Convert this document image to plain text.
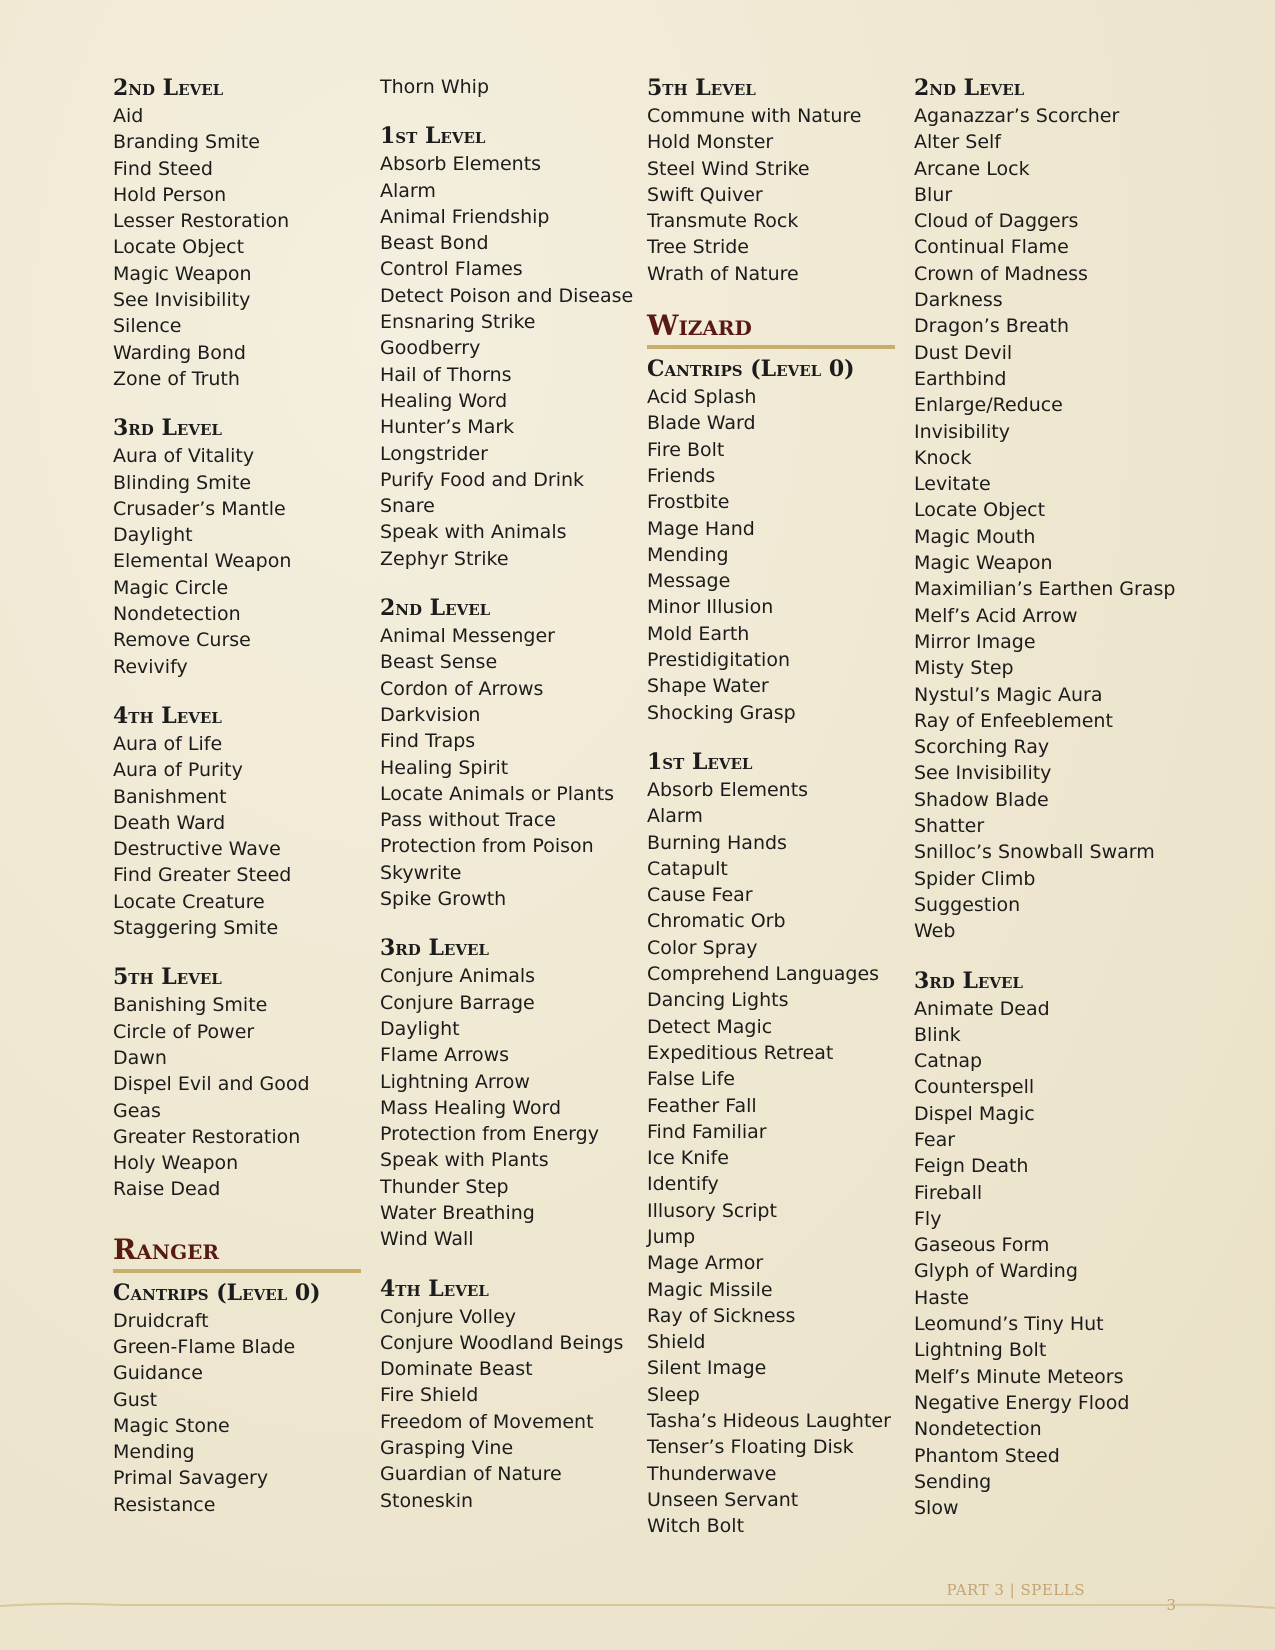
2nd Level
Aid
Branding Smite
Find Steed
Hold Person
Lesser Restoration
Locate Object
Magic Weapon
See Invisibility
Silence
Warding Bond
Zone of Truth
3rd Level
Aura of Vitality
Blinding Smite
Crusader’s Mantle
Daylight
Elemental Weapon
Magic Circle
Nondetection
Remove Curse
Revivify
4th Level
Aura of Life
Aura of Purity
Banishment
Death Ward
Destructive Wave
Find Greater Steed
Locate Creature
Staggering Smite
5th Level
Banishing Smite
Circle of Power
Dawn
Dispel Evil and Good
Geas
Greater Restoration
Holy Weapon
Raise Dead
Ranger
Cantrips (Level 0)
Druidcraft
Green-Flame Blade
Guidance
Gust
Magic Stone
Mending
Primal Savagery
Resistance
Thorn Whip
1st Level
Absorb Elements
Alarm
Animal Friendship
Beast Bond
Control Flames
Detect Poison and Disease
Ensnaring Strike
Goodberry
Hail of Thorns
Healing Word
Hunter’s Mark
Longstrider
Purify Food and Drink
Snare
Speak with Animals
Zephyr Strike
2nd Level
Animal Messenger
Beast Sense
Cordon of Arrows
Darkvision
Find Traps
Healing Spirit
Locate Animals or Plants
Pass without Trace
Protection from Poison
Skywrite
Spike Growth
3rd Level
Conjure Animals
Conjure Barrage
Daylight
Flame Arrows
Lightning Arrow
Mass Healing Word
Protection from Energy
Speak with Plants
Thunder Step
Water Breathing
Wind Wall
4th Level
Conjure Volley
Conjure Woodland Beings
Dominate Beast
Fire Shield
Freedom of Movement
Grasping Vine
Guardian of Nature
Stoneskin
5th Level
Commune with Nature
Hold Monster
Steel Wind Strike
Swift Quiver
Transmute Rock
Tree Stride
Wrath of Nature
Wizard
Cantrips (Level 0)
Acid Splash
Blade Ward
Fire Bolt
Friends
Frostbite
Mage Hand
Mending
Message
Minor Illusion
Mold Earth
Prestidigitation
Shape Water
Shocking Grasp
1st Level
Absorb Elements
Alarm
Burning Hands
Catapult
Cause Fear
Chromatic Orb
Color Spray
Comprehend Languages
Dancing Lights
Detect Magic
Expeditious Retreat
False Life
Feather Fall
Find Familiar
Ice Knife
Identify
Illusory Script
Jump
Mage Armor
Magic Missile
Ray of Sickness
Shield
Silent Image
Sleep
Tasha’s Hideous Laughter
Tenser’s Floating Disk
Thunderwave
Unseen Servant
Witch Bolt
2nd Level
Aganazzar’s Scorcher
Alter Self
Arcane Lock
Blur
Cloud of Daggers
Continual Flame
Crown of Madness
Darkness
Dragon’s Breath
Dust Devil
Earthbind
Enlarge/Reduce
Invisibility
Knock
Levitate
Locate Object
Magic Mouth
Magic Weapon
Maximilian’s Earthen Grasp
Melf’s Acid Arrow
Mirror Image
Misty Step
Nystul’s Magic Aura
Ray of Enfeeblement
Scorching Ray
See Invisibility
Shadow Blade
Shatter
Snilloc’s Snowball Swarm
Spider Climb
Suggestion
Web
3rd Level
Animate Dead
Blink
Catnap
Counterspell
Dispel Magic
Fear
Feign Death
Fireball
Fly
Gaseous Form
Glyph of Warding
Haste
Leomund’s Tiny Hut
Lightning Bolt
Melf’s Minute Meteors
Negative Energy Flood
Nondetection
Phantom Steed
Sending
Slow
PART 3 | SPELLS
3
